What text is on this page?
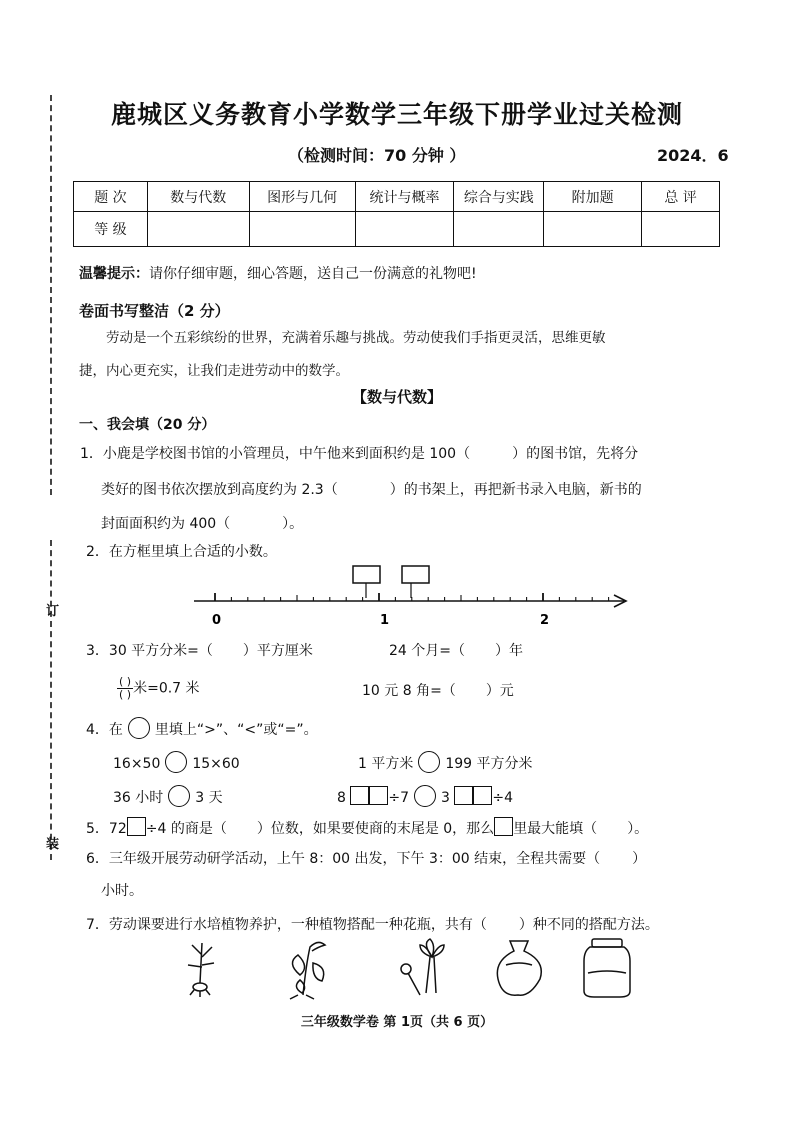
订
装
鹿城区义务教育小学数学三年级下册学业过关检测
（检测时间：70 分钟 ）	2024．6
题 次	数与代数	图形与几何	统计与概率	综合与实践	附加题	总 评
等 级						
温馨提示：请你仔细审题，细心答题，送自己一份满意的礼物吧!
卷面书写整洁（2 分）
劳动是一个五彩缤纷的世界，充满着乐趣与挑战。劳动使我们手指更灵活，思维更敏
捷，内心更充实，让我们走进劳动中的数学。
【数与代数】
一、我会填（20 分）
1．小鹿是学校图书馆的小管理员，中午他来到面积约是 100（	）的图书馆，先将分
类好的图书依次摆放到高度约为 2.3（	）的书架上，再把新书录入电脑，新书的
封面面积约为 400（	）。
2．在方框里填上合适的小数。
0	1	2
3．30 平方分米=（ ）平方厘米	24 个月=（ ）年
$\frac{( )}{( )}$ 米=0.7 米	10 元 8 角=（ ）元
4．在 里填上“>”、“<”或“=”。
16×50 15×60	1 平方米 199 平方分米
36 小时 3 天	8	÷7 3	÷4
5．72 ÷4 的商是（ ）位数，如果要使商的末尾是 0，那么 里最大能填（ ）。
6．三年级开展劳动研学活动，上午 8：00 出发，下午 3：00 结束，全程共需要（ ）
小时。
7．劳动课要进行水培植物养护，一种植物搭配一种花瓶，共有（ ）种不同的搭配方法。
三年级数学卷 第 1页（共 6 页）
